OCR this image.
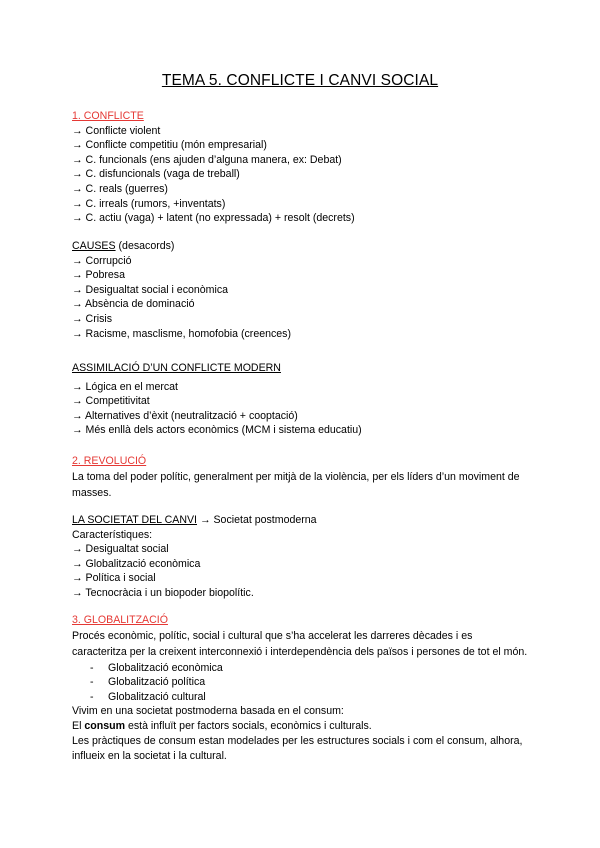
TEMA 5. CONFLICTE I CANVI SOCIAL
1. CONFLICTE
→ Conflicte violent
→ Conflicte competitiu (món empresarial)
→ C. funcionals (ens ajuden d’alguna manera, ex: Debat)
→ C. disfuncionals (vaga de treball)
→ C. reals (guerres)
→ C. irreals (rumors, +inventats)
→ C. actiu (vaga) + latent (no expressada) + resolt (decrets)
CAUSES (desacords)
→ Corrupció
→ Pobresa
→ Desigualtat social i econòmica
→ Absència de dominació
→ Crisis
→ Racisme, masclisme, homofobia (creences)
ASSIMILACIÓ D’UN CONFLICTE MODERN
→ Lógica en el mercat
→ Competitivitat
→ Alternatives d’èxit (neutralització + cooptació)
→ Més enllà dels actors econòmics (MCM i sistema educatiu)
2. REVOLUCIÓ
La toma del poder polític, generalment per mitjà de la violència, per els líders d’un moviment de masses.
LA SOCIETAT DEL CANVI → Societat postmoderna
Característiques:
→ Desigualtat social
→ Globalització econòmica
→ Política i social
→ Tecnocràcia i un biopoder biopolític.
3. GLOBALITZACIÓ
Procés econòmic, polític, social i cultural que s’ha accelerat les darreres dècades i es caracteritza per la creixent interconnexió i interdependència dels països i persones de tot el món.
- Globalització econòmica
- Globalització política
- Globalització cultural
Vivim en una societat postmoderna basada en el consum:
El consum està influït per factors socials, econòmics i culturals.
Les pràctiques de consum estan modelades per les estructures socials i com el consum, alhora, influeix en la societat i la cultural.
